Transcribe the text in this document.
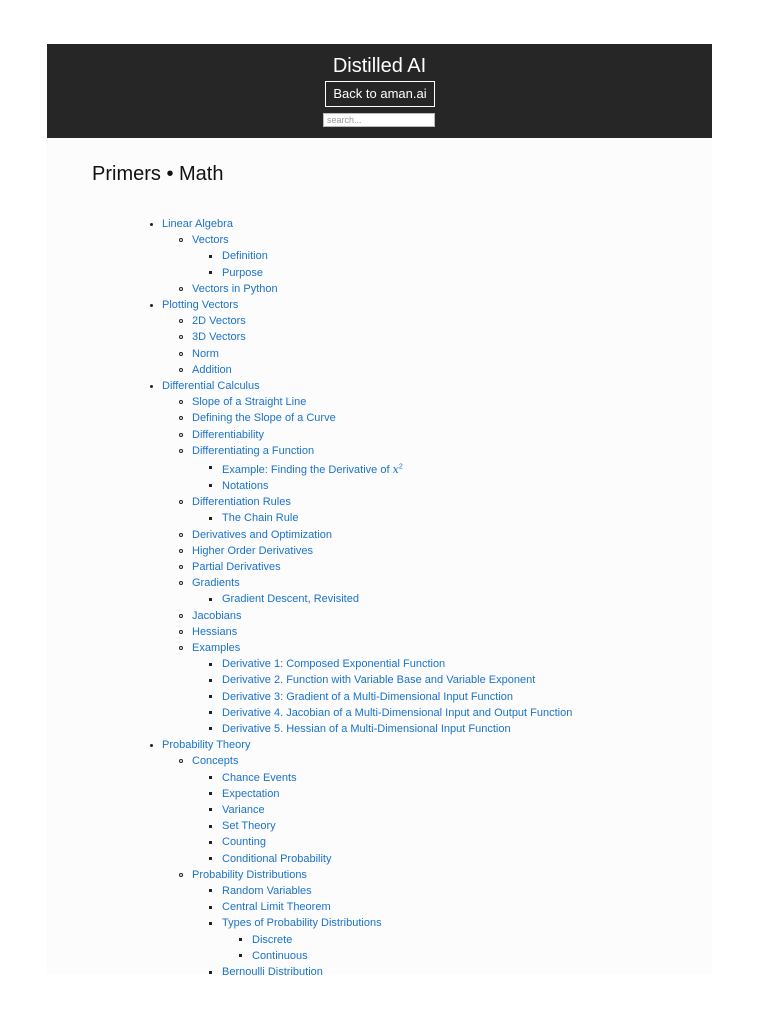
Distilled AI
Back to aman.ai
search...
Primers • Math
Linear Algebra
Vectors
Definition
Purpose
Vectors in Python
Plotting Vectors
2D Vectors
3D Vectors
Norm
Addition
Differential Calculus
Slope of a Straight Line
Defining the Slope of a Curve
Differentiability
Differentiating a Function
Example: Finding the Derivative of $x^2$
Notations
Differentiation Rules
The Chain Rule
Derivatives and Optimization
Higher Order Derivatives
Partial Derivatives
Gradients
Gradient Descent, Revisited
Jacobians
Hessians
Examples
Derivative 1: Composed Exponential Function
Derivative 2. Function with Variable Base and Variable Exponent
Derivative 3: Gradient of a Multi-Dimensional Input Function
Derivative 4. Jacobian of a Multi-Dimensional Input and Output Function
Derivative 5. Hessian of a Multi-Dimensional Input Function
Probability Theory
Concepts
Chance Events
Expectation
Variance
Set Theory
Counting
Conditional Probability
Probability Distributions
Random Variables
Central Limit Theorem
Types of Probability Distributions
Discrete
Continuous
Bernoulli Distribution
